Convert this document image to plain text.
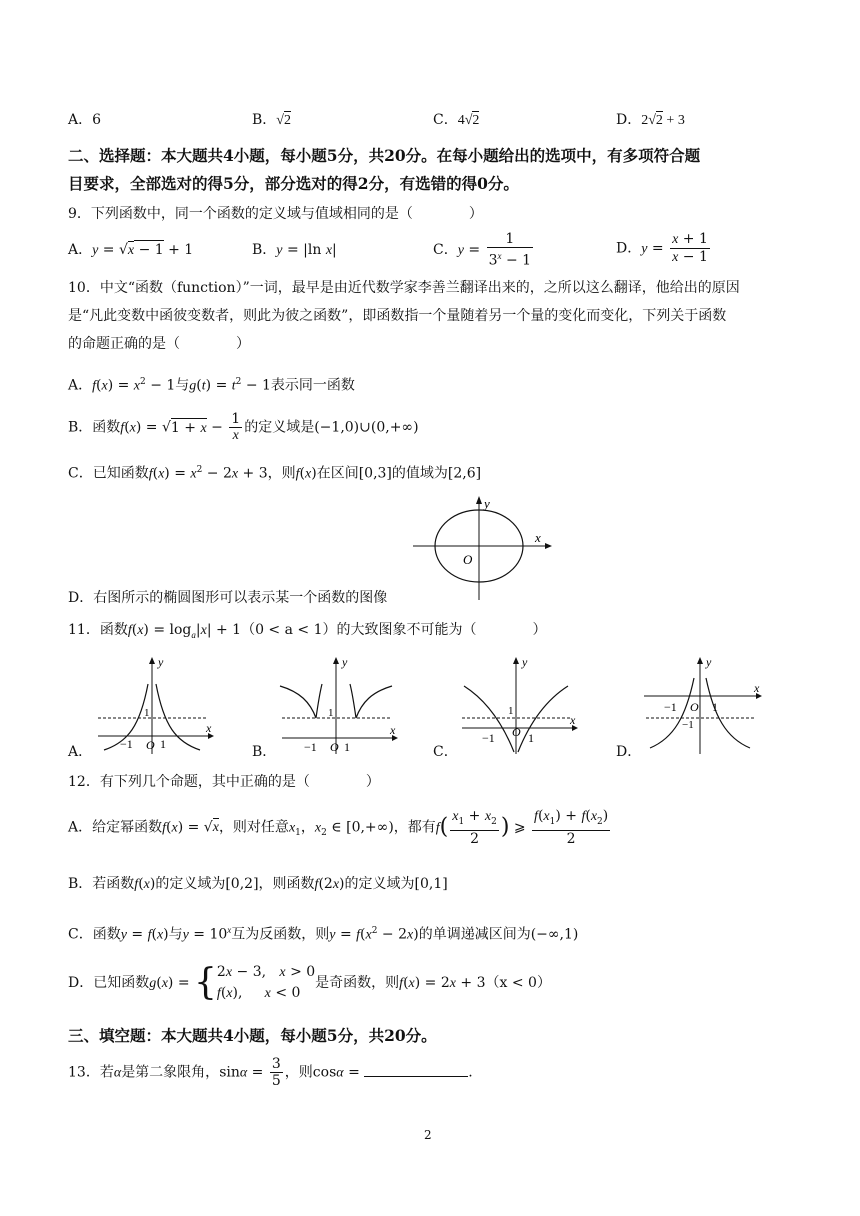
A．6	B．√2	C．4√2	D．2√2 + 3
二、选择题：本大题共4小题，每小题5分，共20分。在每小题给出的选项中，有多项符合题
目要求，全部选对的得5分，部分选对的得2分，有选错的得0分。
9．下列函数中，同一个函数的定义域与值域相同的是（　　　　）
A．y = √x − 1 + 1	B．y = |ln x|	C．$y = \frac{1}{3^x - 1}$	D．$y = \frac{x + 1}{x - 1}$
10．中文“函数（function）”一词，最早是由近代数学家李善兰翻译出来的，之所以这么翻译，他给出的原因
是“凡此变数中函彼变数者，则此为彼之函数”，即函数指一个量随着另一个量的变化而变化，下列关于函数
的命题正确的是（　　　　）
A．$f(x) = x^2 - 1$与$g(t) = t^2 - 1$表示同一函数
B．函数$f(x) = √1 + x - \frac{1}{x}$ 的定义域是(−1,0)∪(0,+∞)
C．已知函数$f(x) = x^2 - 2x + 3$，则f(x)在区间[0,3]的值域为[2,6]
y
x
O
D．右图所示的椭圆图形可以表示某一个函数的图像
11．函数$f(x) = \log_a|x| + 1(0 < a < 1)$的大致图象不可能为（　　　　）
y
x
1
−1 O 1
A．
y
x
1
−1 O 1
B．
y
x
1
−1 O 1
C．
y
x
−1 O 1
−1
D．
12．有下列几个命题，其中正确的是（　　　　）
A．给定幂函数f(x) = √x，则对任意$x_1$，$x_2$ ∈ [0,+∞)，都有$f( \frac{x_1 + x_2}{2}$ ) ⩾ $\frac{f(x_1) + f(x_2)}{2}$
B．若函数f(x)的定义域为[0,2]，则函数f(2x)的定义域为[0,1]
C．函数y = f(x)与$y = 10^x$互为反函数，则$y = f(x^2 - 2x)$的单调递减区间为(−∞,1)
D．已知函数g(x) = {2x − 3,   x > 0
f(x),     x < 0是奇函数，则f(x) = 2x + 3（x < 0）
三、填空题：本大题共4小题，每小题5分，共20分。
13．若α是第二象限角，$\sin\alpha = \frac{3}{5}$ ，则cosα =	.
2
